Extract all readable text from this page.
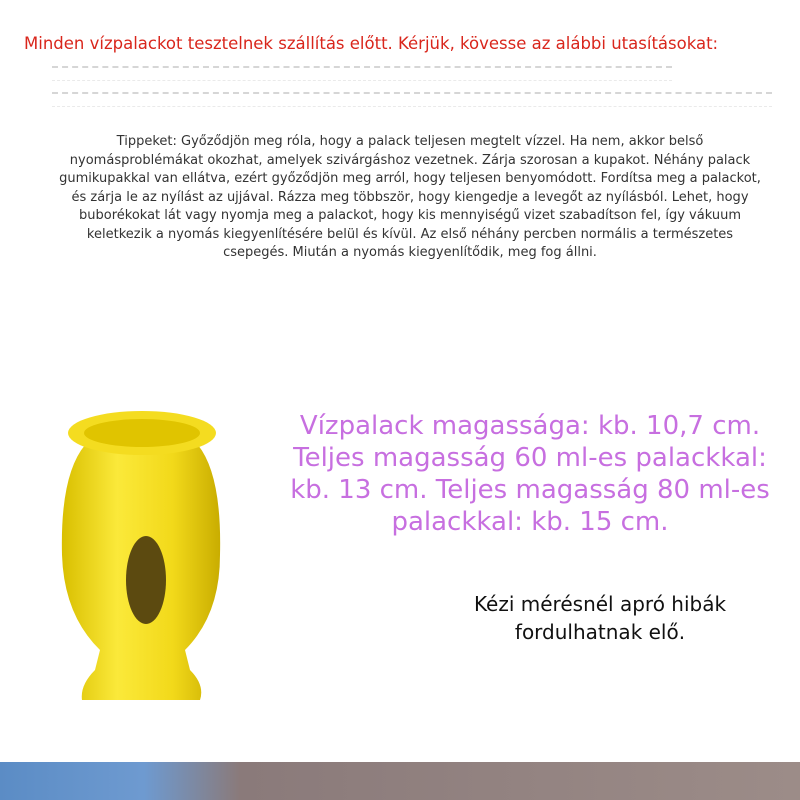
Minden vízpalackot tesztelnek szállítás előtt. Kérjük, kövesse az alábbi utasításokat:
Tippeket: Győződjön meg róla, hogy a palack teljesen megtelt vízzel. Ha nem, akkor belső nyomásproblémákat okozhat, amelyek szivárgáshoz vezetnek. Zárja szorosan a kupakot. Néhány palack gumikupakkal van ellátva, ezért győződjön meg arról, hogy teljesen benyomódott. Fordítsa meg a palackot, és zárja le az nyílást az ujjával. Rázza meg többször, hogy kiengedje a levegőt az nyílásból. Lehet, hogy buborékokat lát vagy nyomja meg a palackot, hogy kis mennyiségű vizet szabadítson fel, így vákuum keletkezik a nyomás kiegyenlítésére belül és kívül. Az első néhány percben normális a természetes csepegés. Miután a nyomás kiegyenlítődik, meg fog állni.
Vízpalack magassága: kb. 10,7 cm. Teljes magasság 60 ml-es palackkal: kb. 13 cm. Teljes magasság 80 ml-es palackkal: kb. 15 cm.
Kézi mérésnél apró hibák fordulhatnak elő.
